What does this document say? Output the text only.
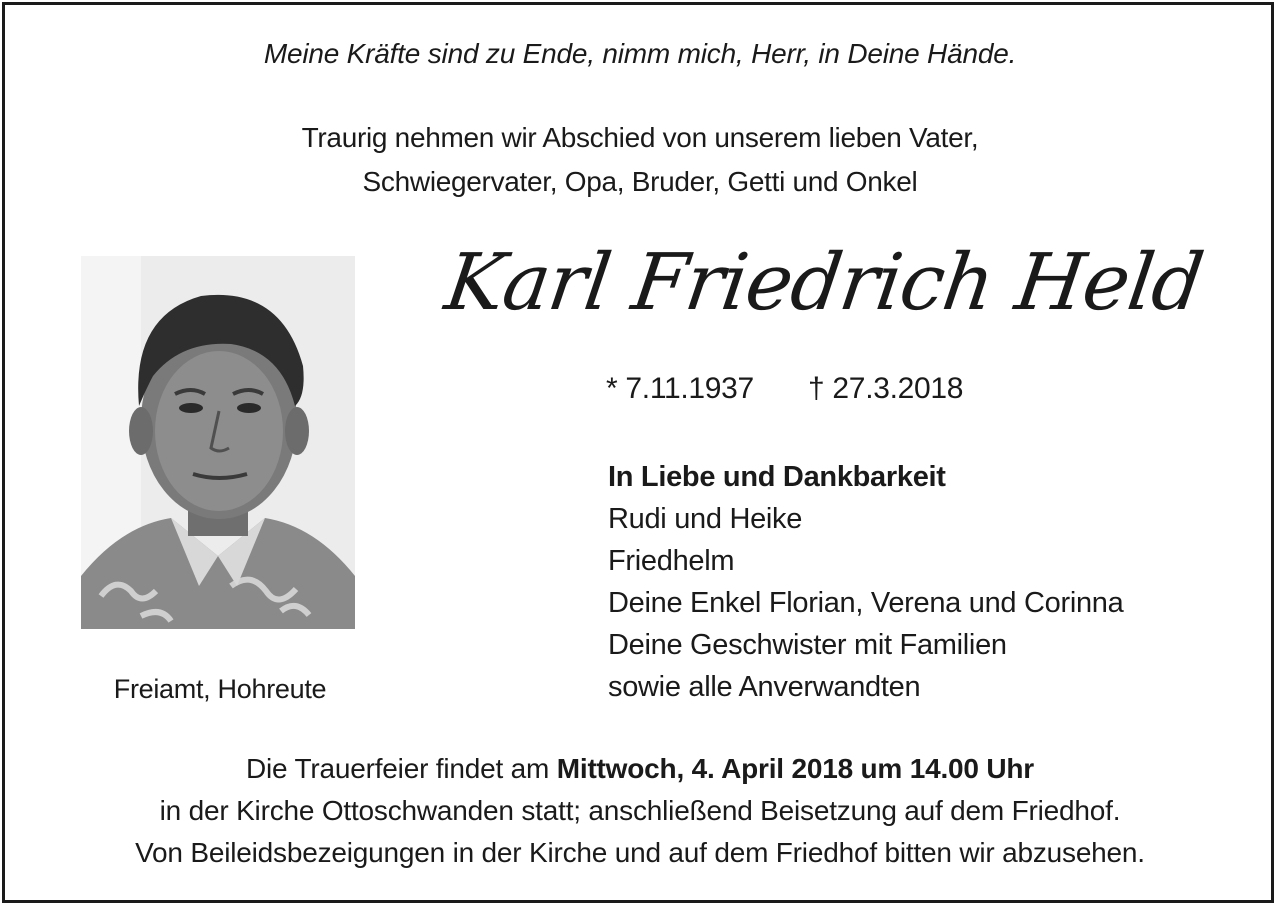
Meine Kräfte sind zu Ende, nimm mich, Herr, in Deine Hände.
Traurig nehmen wir Abschied von unserem lieben Vater,
Schwiegervater, Opa, Bruder, Getti und Onkel
Karl Friedrich Held
Freiamt, Hohreute
* 7.11.1937 † 27.3.2018
In Liebe und Dankbarkeit
Rudi und Heike
Friedhelm
Deine Enkel Florian, Verena und Corinna
Deine Geschwister mit Familien
sowie alle Anverwandten
Die Trauerfeier findet am Mittwoch, 4. April 2018 um 14.00 Uhr
in der Kirche Ottoschwanden statt; anschließend Beisetzung auf dem Friedhof.
Von Beileidsbezeigungen in der Kirche und auf dem Friedhof bitten wir abzusehen.
